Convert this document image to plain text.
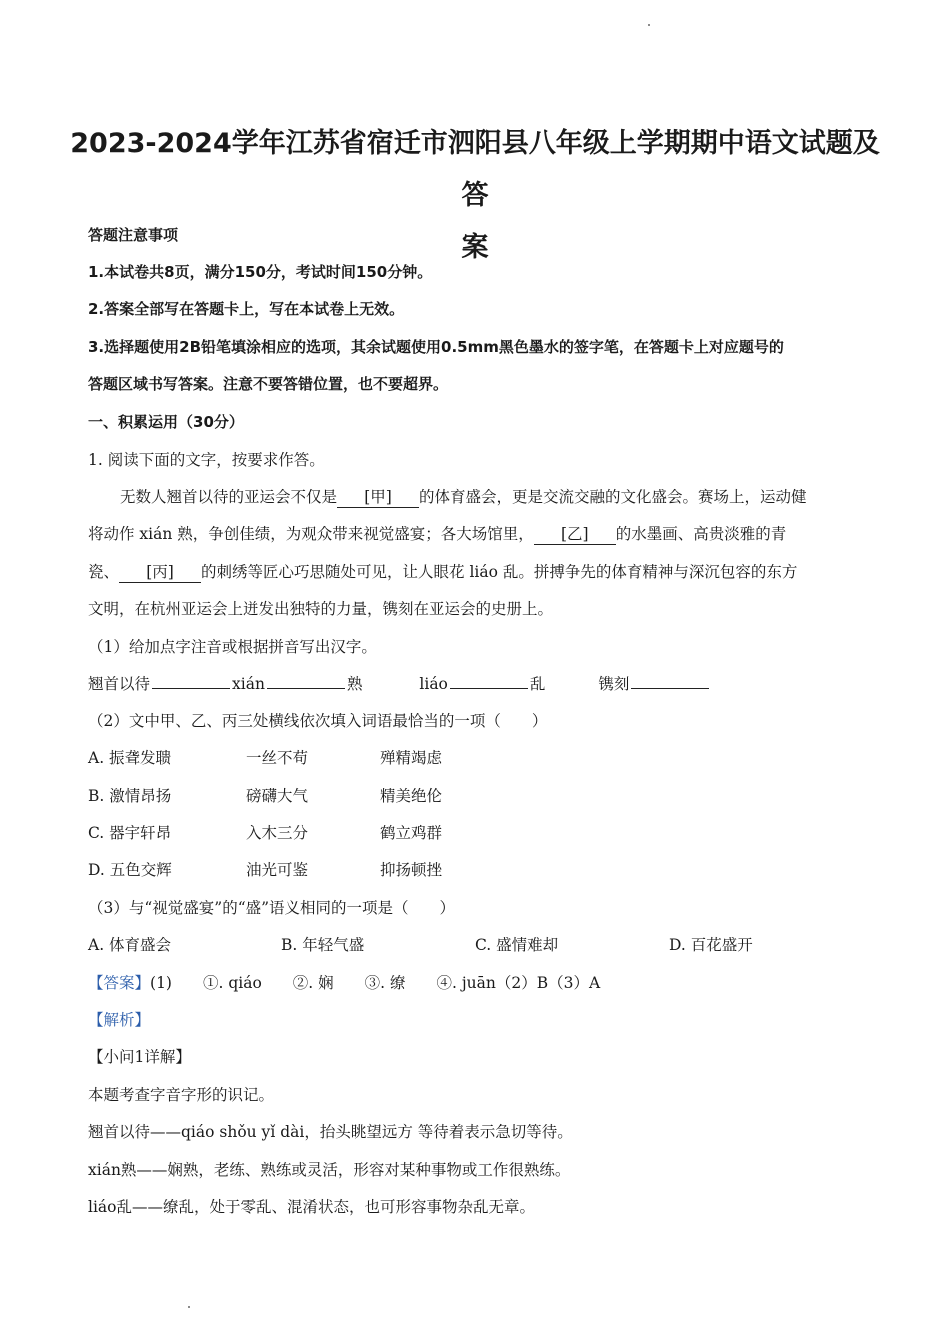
2023-2024学年江苏省宿迁市泗阳县八年级上学期期中语文试题及答
案
答题注意事项
1.本试卷共8页，满分150分，考试时间150分钟。
2.答案全部写在答题卡上，写在本试卷上无效。
3.选择题使用2B铅笔填涂相应的选项，其余试题使用0.5mm黑色墨水的签字笔，在答题卡上对应题号的
答题区域书写答案。注意不要答错位置，也不要超界。
一、积累运用（30分）
1. 阅读下面的文字，按要求作答。
无数人翘首以待的亚运会不仅是 [甲] 的体育盛会，更是交流交融的文化盛会。赛场上，运动健
将动作 xián 熟，争创佳绩，为观众带来视觉盛宴；各大场馆里， [乙] 的水墨画、高贵淡雅的青
瓷、 [丙] 的刺绣等匠心巧思随处可见，让人眼花 liáo 乱。拼搏争先的体育精神与深沉包容的东方
文明，在杭州亚运会上迸发出独特的力量，镌刻在亚运会的史册上。
（1）给加点字注音或根据拼音写出汉字。
翘首以待	xián	熟	liáo	乱	镌刻
（2）文中甲、乙、丙三处横线依次填入词语最恰当的一项（　　）
A. 振聋发聩	一丝不苟	殚精竭虑
B. 激情昂扬	磅礴大气	精美绝伦
C. 器宇轩昂	入木三分	鹤立鸡群
D. 五色交辉	油光可鉴	抑扬顿挫
（3）与“视觉盛宴”的“盛”语义相同的一项是（　　）
A. 体育盛会	B. 年轻气盛	C. 盛情难却	D. 百花盛开
【答案】(1)　　①. qiáo　　②. 娴　　③. 缭　　④. juān（2）B（3）A
【解析】
【小问1详解】
本题考查字音字形的识记。
翘首以待——qiáo shǒu yǐ dài，抬头眺望远方 等待着表示急切等待。
xián熟——娴熟，老练、熟练或灵活，形容对某种事物或工作很熟练。
liáo乱——缭乱，处于零乱、混淆状态，也可形容事物杂乱无章。
